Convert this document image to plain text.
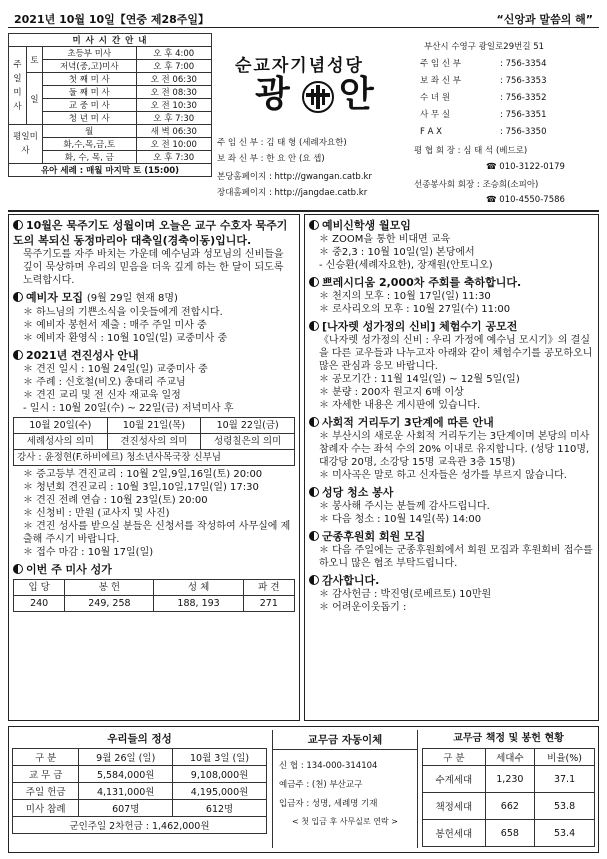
2021년 10월 10일【연중 제28주일】	“신앙과 말씀의 해”
미 사 시 간 안 내			
주일미사	토	초등부 미사	오 후 4:00
		저녁(중,고)미사	오 후 7:00
	일	첫 째 미 사	오 전 06:30
		둘 째 미 사	오 전 08:30
		교 중 미 사	오 전 10:30
		청 년 미 사	오 후 7:30
평일미사		월	새 벽 06:30
		화,수,목,금,토	오 전 10:00
		화, 수, 목, 금	오 후 7:30
유아 세례 : 매월 마지막 토 (15:00)			
순교자기념성당
광 안
주 임 신 부 : 김 태 형 (세례자요한)
보 좌 신 부 : 한 요 안 (요 셉)
본당홈페이지 : http://gwangan.catb.kr
장대홈페이지 : http://jangdae.catb.kr
부산시 수영구 광일로29번길 51
주 임 신 부	: 756-3354
보 좌 신 부	: 756-3353
수 녀 원	: 756-3352
사 무 실	: 756-3351
F A X	: 756-3350
평 협 회 장 : 심 태 석 (베드로)
☎ 010-3122-0179
선종봉사회 회장 : 조승희(소피아)
☎ 010-4550-7586
10월은 묵주기도 성월이며 오늘은 교구 수호자 묵주기도의 복되신 동정마리아 대축일(경축이동)입니다.
묵주기도를 자주 바치는 가운데 예수님과 성모님의 신비들을 깊이 묵상하며 우리의 믿음을 더욱 깊게 하는 한 달이 되도록 노력합시다.
예비자 모집 (9월 29일 현재 8명)
＊ 하느님의 기쁜소식을 이웃들에게 전합시다.
＊ 예비자 봉헌서 제출 : 매주 주일 미사 중
＊ 예비자 환영식 : 10월 10일(일) 교중미사 중
2021년 견진성사 안내
＊ 견진 일시 : 10월 24일(일) 교중미사 중
＊ 주례 : 신호철(비오) 총대리 주교님
＊ 견진 교리 및 전 신자 재교육 일정
- 일시 : 10월 20일(수) ~ 22일(금) 저녁미사 후
10월 20일(수)	10월 21일(목)	10월 22일(금)
세례성사의 의미	견진성사의 의미	성령칠은의 의미
강사 : 윤정현(F.하비에르) 청소년사목국장 신부님		
＊ 증고등부 견진교리 : 10월 2일,9일,16일(토) 20:00
＊ 청년회 견진교리 : 10월 3일,10일,17일(일) 17:30
＊ 견진 전례 연습 : 10월 23일(토) 20:00
＊ 신청비 : 만원 (교사지 및 사진)
＊ 견진 성사를 받으실 분들은 신청서를 작성하여 사무실에 제출해 주시기 바랍니다.
＊ 접수 마감 : 10월 17일(일)
이번 주 미사 성가
입 당	봉 헌	성 체	파 견
240	249, 258	188, 193	271
예비신학생 월모임
＊ ZOOM을 통한 비대면 교육
＊ 중2,3 : 10월 10일(일) 본당에서
- 신승환(세례자요한), 장재원(안토니오)
쁘레시디움 2,000차 주회를 축하합니다.
＊ 천지의 모후 : 10월 17일(일) 11:30
＊ 로사리오의 모후 : 10월 27일(수) 11:00
[나자렛 성가정의 신비] 체험수기 공모전
《나자렛 성가정의 신비 : 우리 가정에 예수님 모시기》의 결실을 다른 교우들과 나누고자 아래와 같이 체험수기를 공모하오니 많은 관심과 응모 바랍니다.
＊ 공모기간 : 11월 14일(일) ~ 12월 5일(일)
＊ 분량 : 200자 원고지 6매 이상
＊ 자세한 내용은 게시판에 있습니다.
사회적 거리두기 3단계에 따른 안내
＊ 부산시의 새로운 사회적 거리두기는 3단계이며 본당의 미사 참례자 수는 좌석 수의 20% 이내로 유지합니다. (성당 110명, 대강당 20명, 소강당 15명 교육관 3층 15명)
＊ 미사곡은 말로 하고 신자들은 성가를 부르지 않습니다.
성당 청소 봉사
＊ 봉사해 주시는 분들께 감사드립니다.
＊ 다음 청소 : 10월 14일(목) 14:00
군종후원회 회원 모집
＊ 다음 주일에는 군종후원회에서 회원 모집과 후원회비 접수를 하오니 많은 협조 부탁드립니다.
감사합니다.
＊ 감사헌금 : 박진영(로베르토) 10만원
＊ 어려운이웃돕기 :
우리들의 정성
구 분	9월 26일 (일)	10월 3일 (일)
교 무 금	5,584,000원	9,108,000원
주일 헌금	4,131,000원	4,195,000원
미사 참례	607명	612명
군인주일 2차헌금 : 1,462,000원		
교무금 자동이체
신 협 : 134-000-314104
예금주 : (천) 부산교구
입금자 : 성명, 세례명 기재
< 첫 입금 후 사무실로 연락 >
교무금 책정 및 봉헌 현황
구 분	세대수	비율(%)
수계세대	1,230	37.1
책정세대	662	53.8
봉헌세대	658	53.4
